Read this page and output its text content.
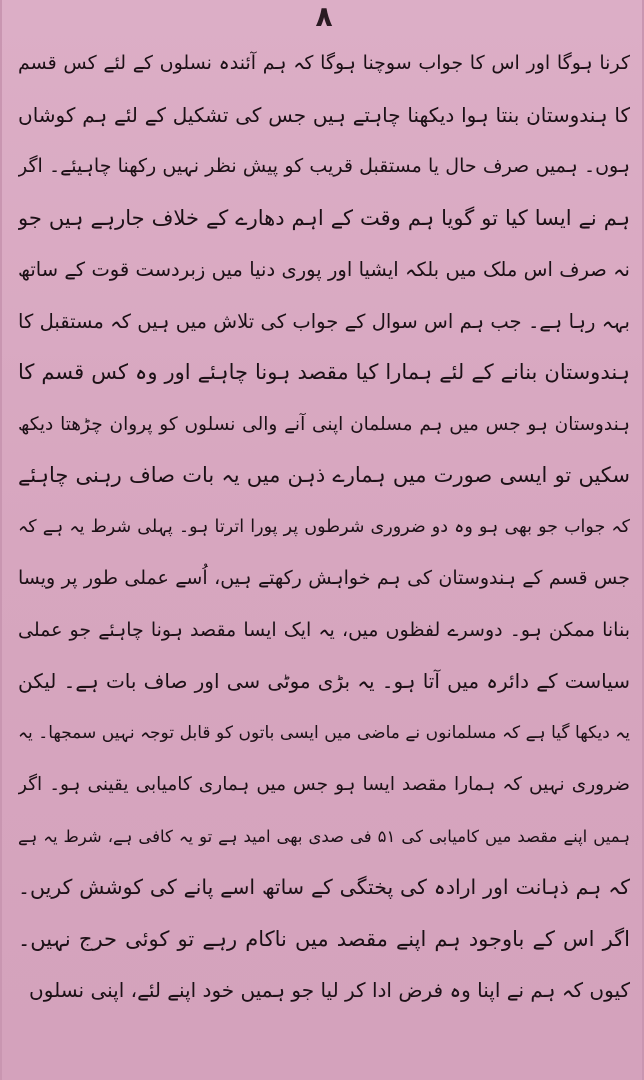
۸
کرنا ہوگا اور اس کا جواب سوچنا ہوگا کہ ہم آئندہ نسلوں کے لئے کس قسم
کا ہندوستان بنتا ہوا دیکھنا چاہتے ہیں جس کی تشکیل کے لئے ہم کوشاں
ہوں۔ ہمیں صرف حال یا مستقبل قریب کو پیش نظر نہیں رکھنا چاہیئے۔ اگر
ہم نے ایسا کیا تو گویا ہم وقت کے اہم دھارے کے خلاف جارہے ہیں جو
نہ صرف اس ملک میں بلکہ ایشیا اور پوری دنیا میں زبردست قوت کے ساتھ
بہہ رہا ہے۔ جب ہم اس سوال کے جواب کی تلاش میں ہیں کہ مستقبل کا
ہندوستان بنانے کے لئے ہمارا کیا مقصد ہونا چاہئے اور وہ کس قسم کا
ہندوستان ہو جس میں ہم مسلمان اپنی آنے والی نسلوں کو پروان چڑھتا دیکھ
سکیں تو ایسی صورت میں ہمارے ذہن میں یہ بات صاف رہنی چاہئے
کہ جواب جو بھی ہو وہ دو ضروری شرطوں پر پورا اترتا ہو۔ پہلی شرط یہ ہے کہ
جس قسم کے ہندوستان کی ہم خواہش رکھتے ہیں، اُسے عملی طور پر ویسا
بنانا ممکن ہو۔ دوسرے لفظوں میں، یہ ایک ایسا مقصد ہونا چاہئے جو عملی
سیاست کے دائرہ میں آتا ہو۔ یہ بڑی موٹی سی اور صاف بات ہے۔ لیکن
یہ دیکھا گیا ہے کہ مسلمانوں نے ماضی میں ایسی باتوں کو قابل توجہ نہیں سمجھا۔ یہ
ضروری نہیں کہ ہمارا مقصد ایسا ہو جس میں ہماری کامیابی یقینی ہو۔ اگر
ہمیں اپنے مقصد میں کامیابی کی ۵۱ فی صدی بھی امید ہے تو یہ کافی ہے، شرط یہ ہے
کہ ہم ذہانت اور ارادہ کی پختگی کے ساتھ اسے پانے کی کوشش کریں۔
اگر اس کے باوجود ہم اپنے مقصد میں ناکام رہے تو کوئی حرج نہیں۔
کیوں کہ ہم نے اپنا وہ فرض ادا کر لیا جو ہمیں خود اپنے لئے، اپنی نسلوں
